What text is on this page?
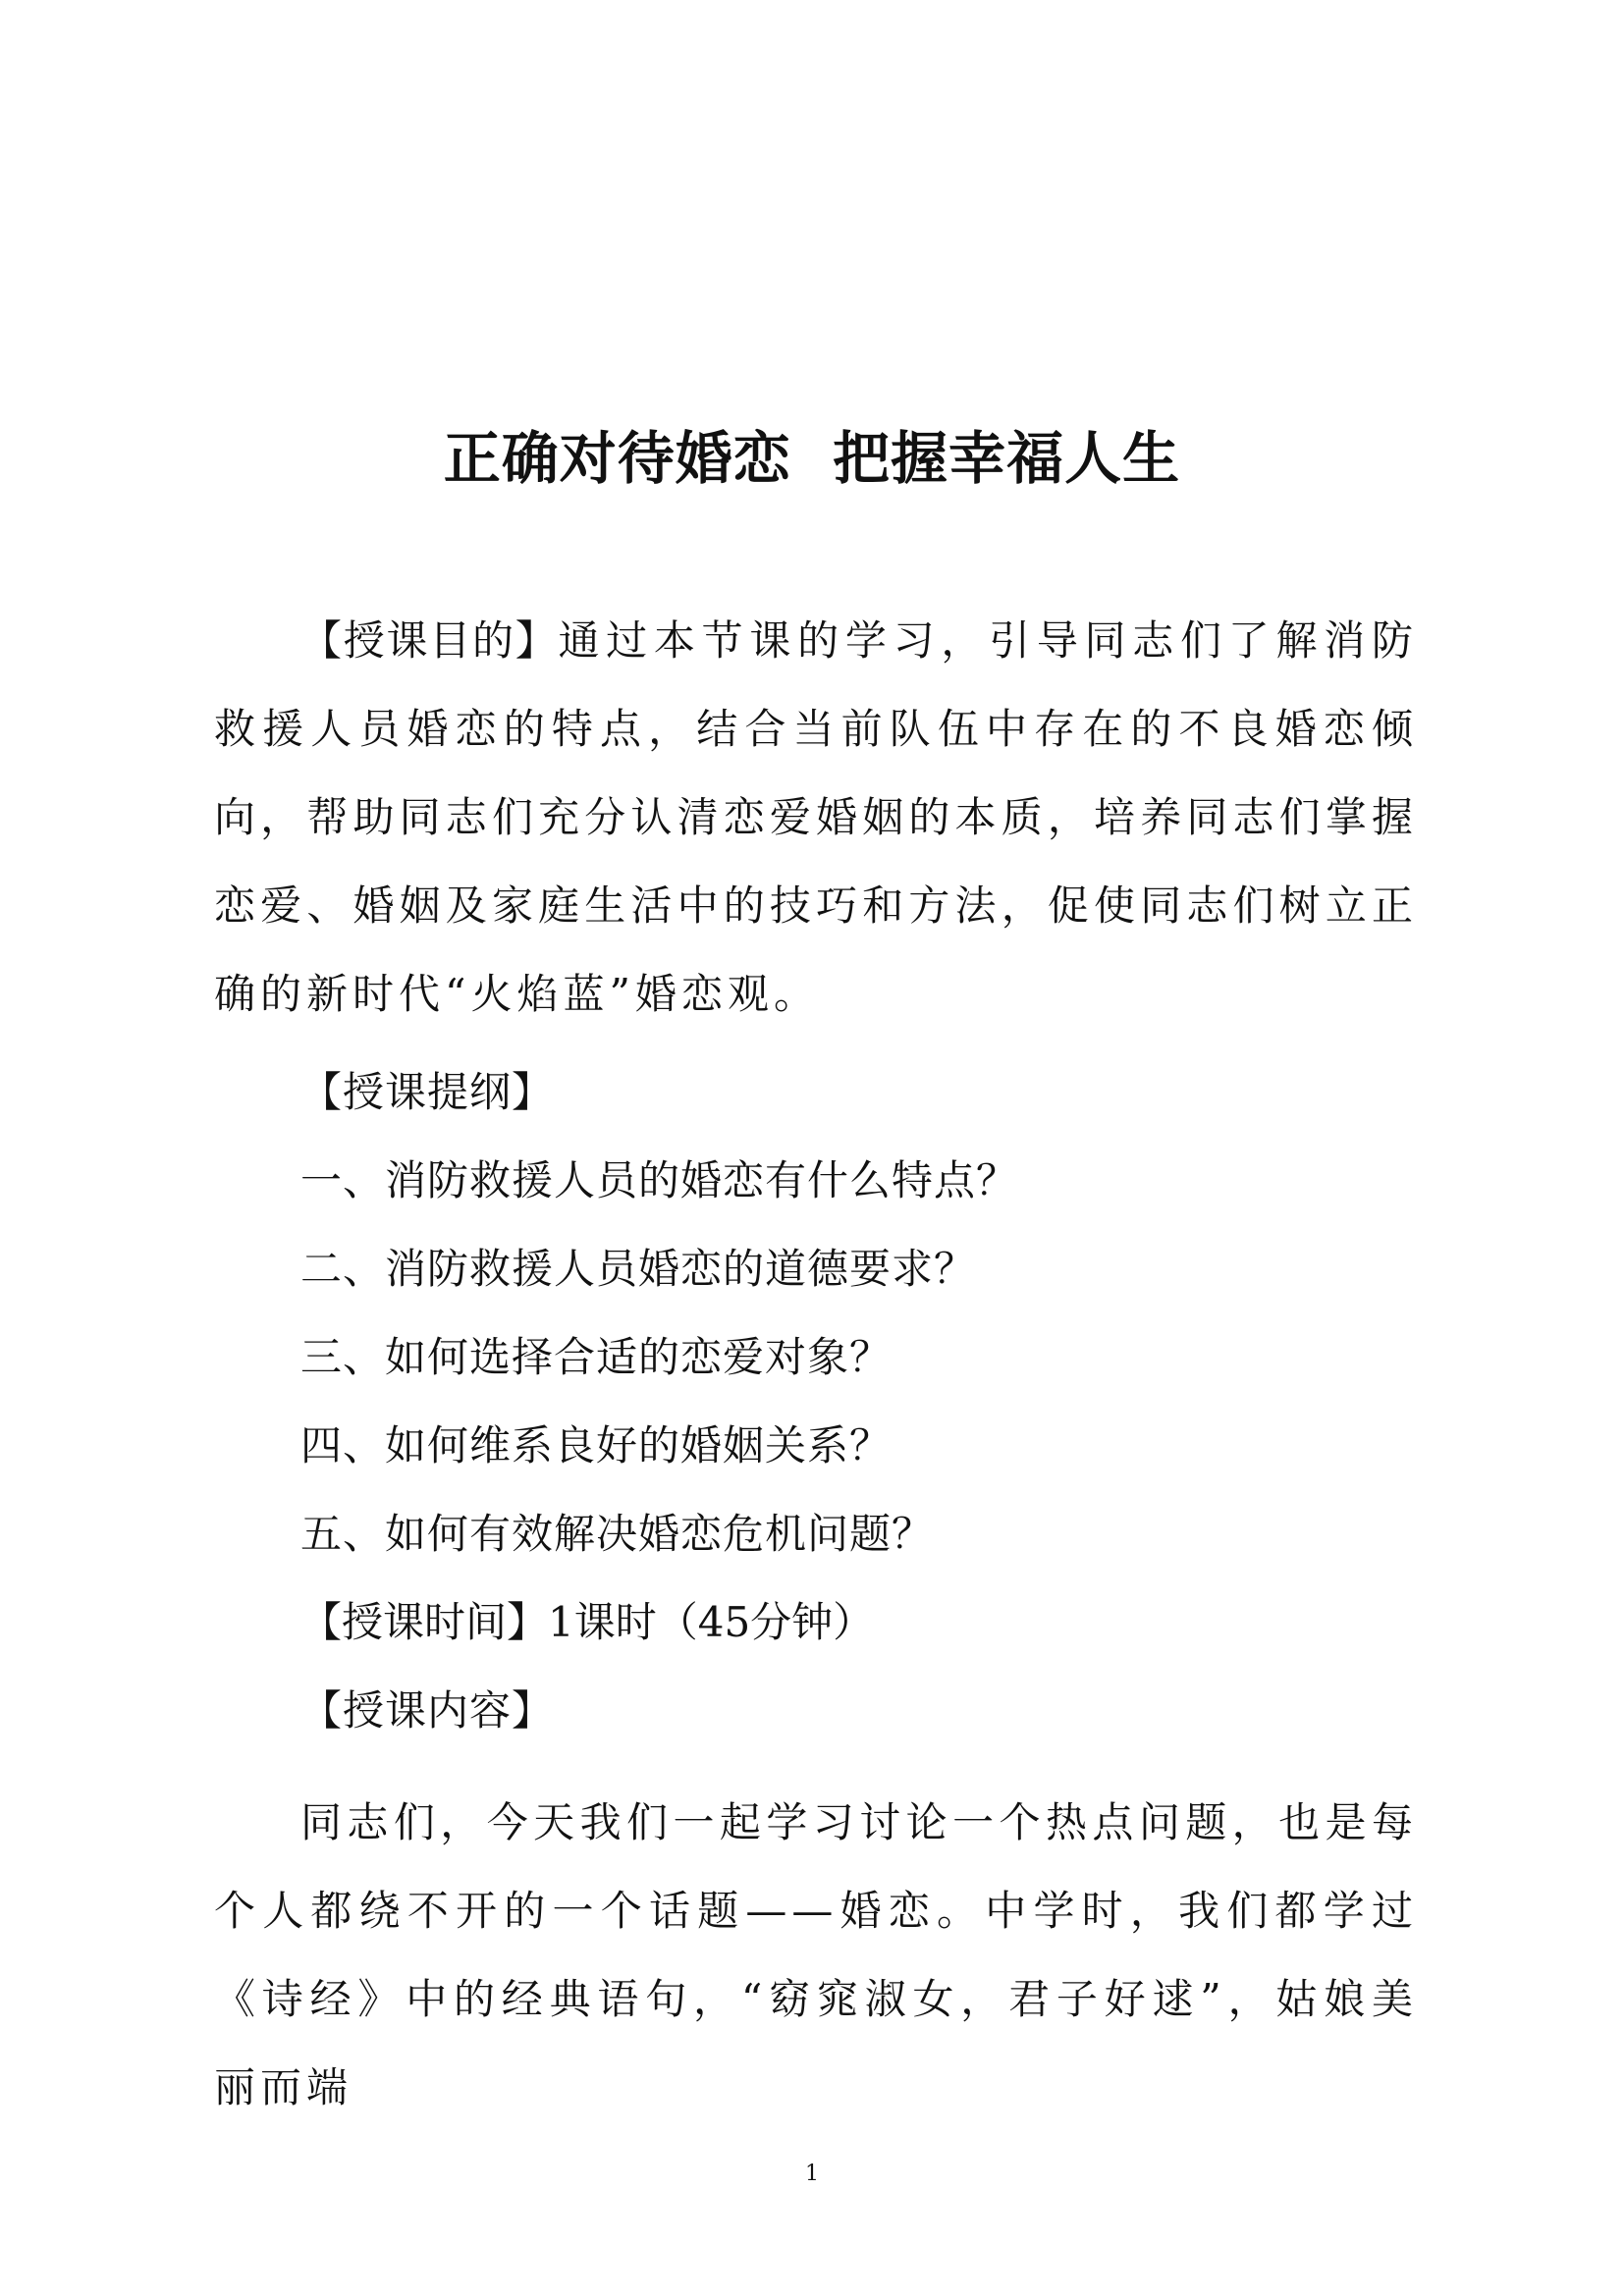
正确对待婚恋  把握幸福人生

【授课目的】通过本节课的学习，引导同志们了解消防救援人员婚恋的特点，结合当前队伍中存在的不良婚恋倾向，帮助同志们充分认清恋爱婚姻的本质，培养同志们掌握恋爱、婚姻及家庭生活中的技巧和方法，促使同志们树立正确的新时代“火焰蓝”婚恋观。

【授课提纲】

一、消防救援人员的婚恋有什么特点？

二、消防救援人员婚恋的道德要求？

三、如何选择合适的恋爱对象？

四、如何维系良好的婚姻关系？

五、如何有效解决婚恋危机问题？

【授课时间】1课时（45分钟）

【授课内容】

同志们，今天我们一起学习讨论一个热点问题，也是每个人都绕不开的一个话题——婚恋。中学时，我们都学过《诗经》中的经典语句，“窈窕淑女，君子好逑”，姑娘美丽而端

1
